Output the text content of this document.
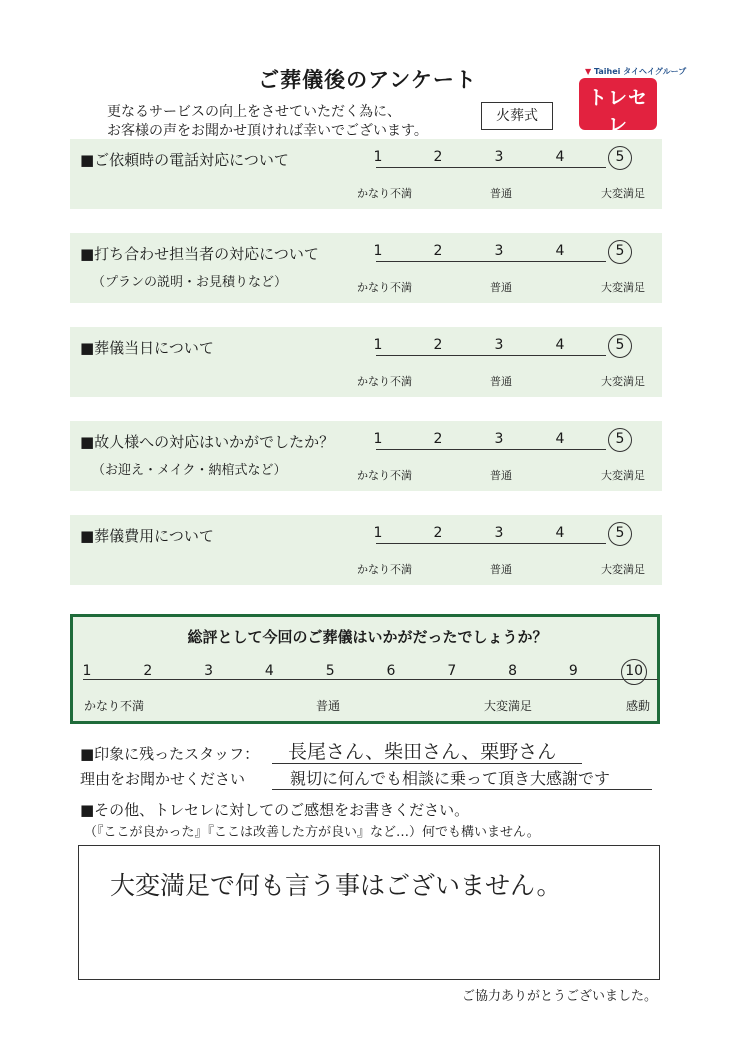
ご葬儀後のアンケート
更なるサービスの向上をさせていただく為に、
お客様の声をお聞かせ頂ければ幸いでございます。
火葬式
▼ Taihei タイヘイグループ
トレセレ
■ご依頼時の電話対応について	1	2	3	4	5
かなり不満	普通	大変満足
■打ち合わせ担当者の対応について
（プランの説明・お見積りなど）
1	2	3	4	5
かなり不満	普通	大変満足
■葬儀当日について	1	2	3	4	5
かなり不満	普通	大変満足
■故人様への対応はいかがでしたか？
（お迎え・メイク・納棺式など）
1	2	3	4	5
かなり不満	普通	大変満足
■葬儀費用について	1	2	3	4	5
かなり不満	普通	大変満足
総評として今回のご葬儀はいかがだったでしょうか？
1	2	3	4	5	6	7	8	9	10
かなり不満	普通	大変満足	感動
■印象に残ったスタッフ： 長尾さん、柴田さん、栗野さん
理由をお聞かせください	親切に何んでも相談に乗って頂き大感謝です
■その他、トレセレに対してのご感想をお書きください。
（『ここが良かった』『ここは改善した方が良い』など…）何でも構いません。
大変満足で何も言う事はございません。
ご協力ありがとうございました。
